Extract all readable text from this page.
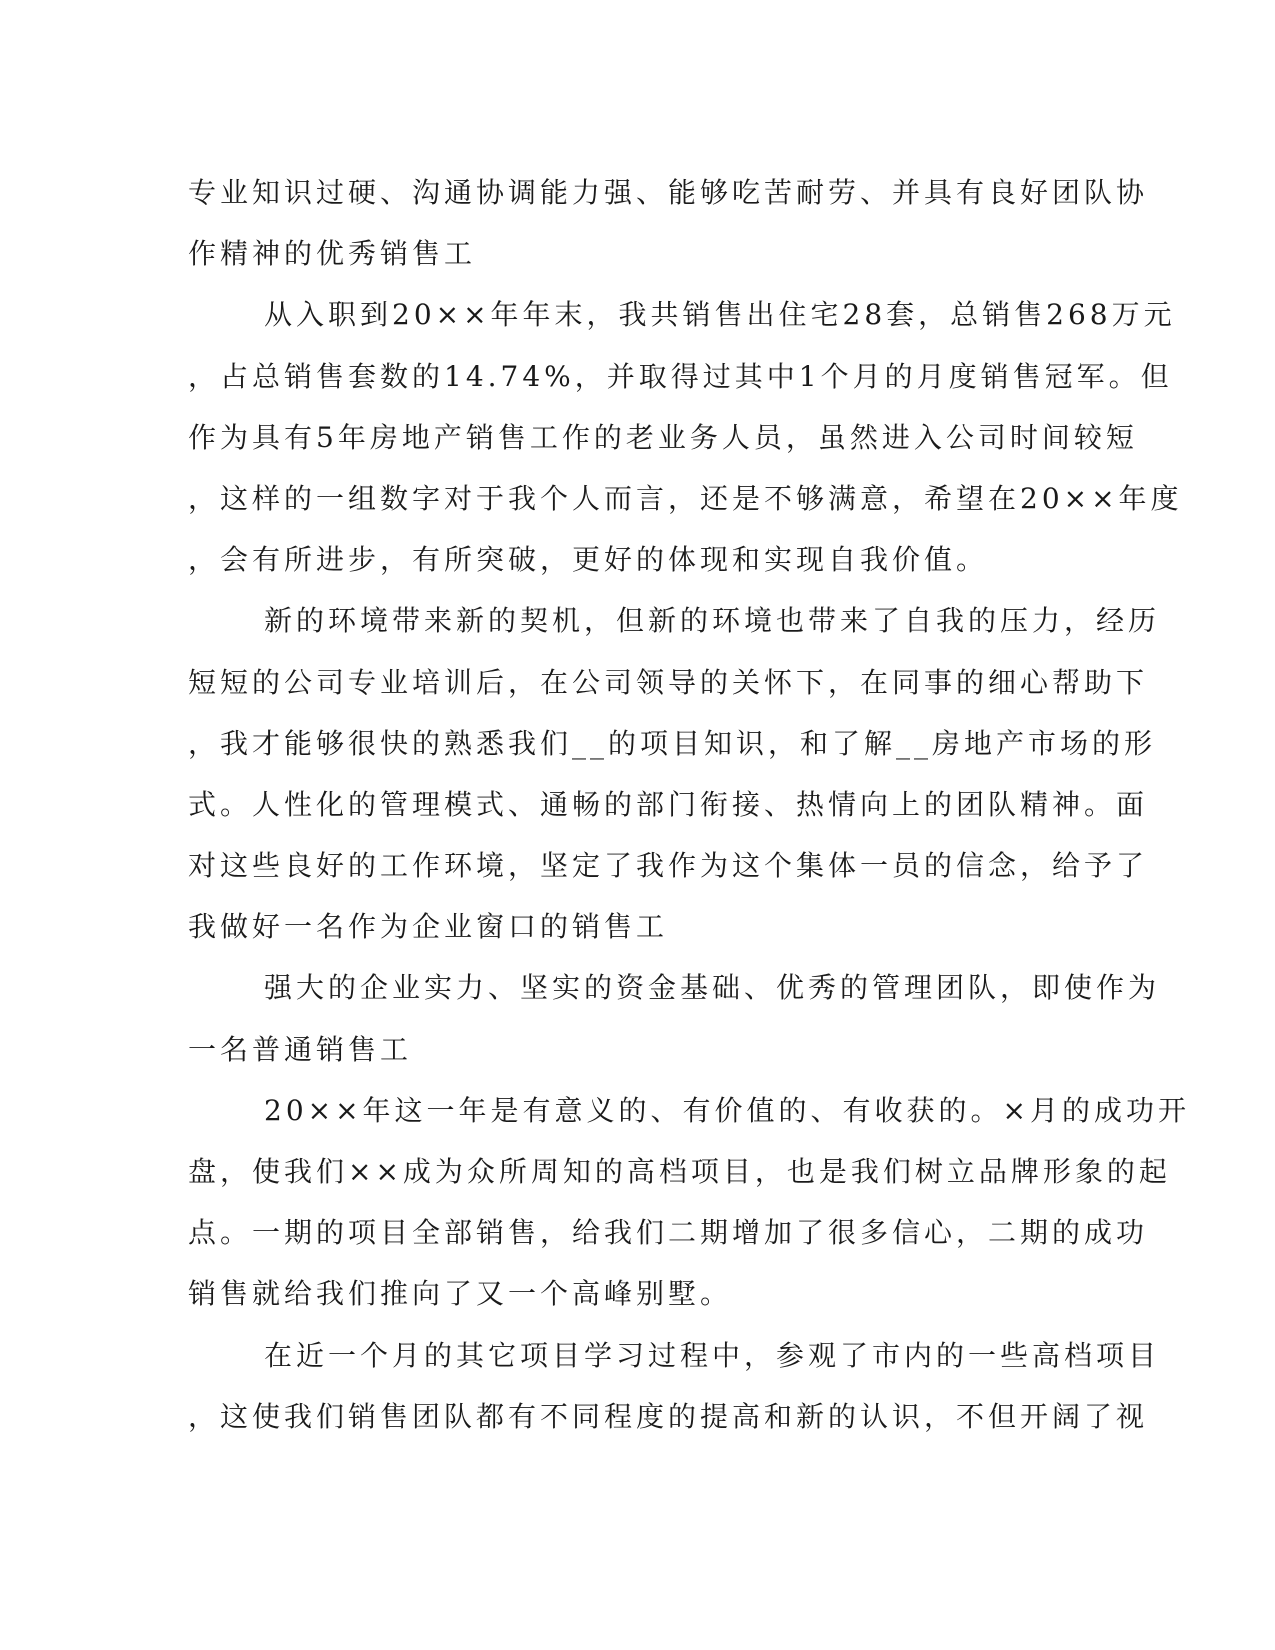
专业知识过硬、沟通协调能力强、能够吃苦耐劳、并具有良好团队协
作精神的优秀销售工
从入职到20××年年末，我共销售出住宅28套，总销售268万元
，占总销售套数的14.74%，并取得过其中1个月的月度销售冠军。但
作为具有5年房地产销售工作的老业务人员，虽然进入公司时间较短
，这样的一组数字对于我个人而言，还是不够满意，希望在20××年度
，会有所进步，有所突破，更好的体现和实现自我价值。
新的环境带来新的契机，但新的环境也带来了自我的压力，经历
短短的公司专业培训后，在公司领导的关怀下，在同事的细心帮助下
，我才能够很快的熟悉我们__的项目知识，和了解__房地产市场的形
式。人性化的管理模式、通畅的部门衔接、热情向上的团队精神。面
对这些良好的工作环境，坚定了我作为这个集体一员的信念，给予了
我做好一名作为企业窗口的销售工
强大的企业实力、坚实的资金基础、优秀的管理团队，即使作为
一名普通销售工
20××年这一年是有意义的、有价值的、有收获的。×月的成功开
盘，使我们××成为众所周知的高档项目，也是我们树立品牌形象的起
点。一期的项目全部销售，给我们二期增加了很多信心，二期的成功
销售就给我们推向了又一个高峰别墅。
在近一个月的其它项目学习过程中，参观了市内的一些高档项目
，这使我们销售团队都有不同程度的提高和新的认识，不但开阔了视
